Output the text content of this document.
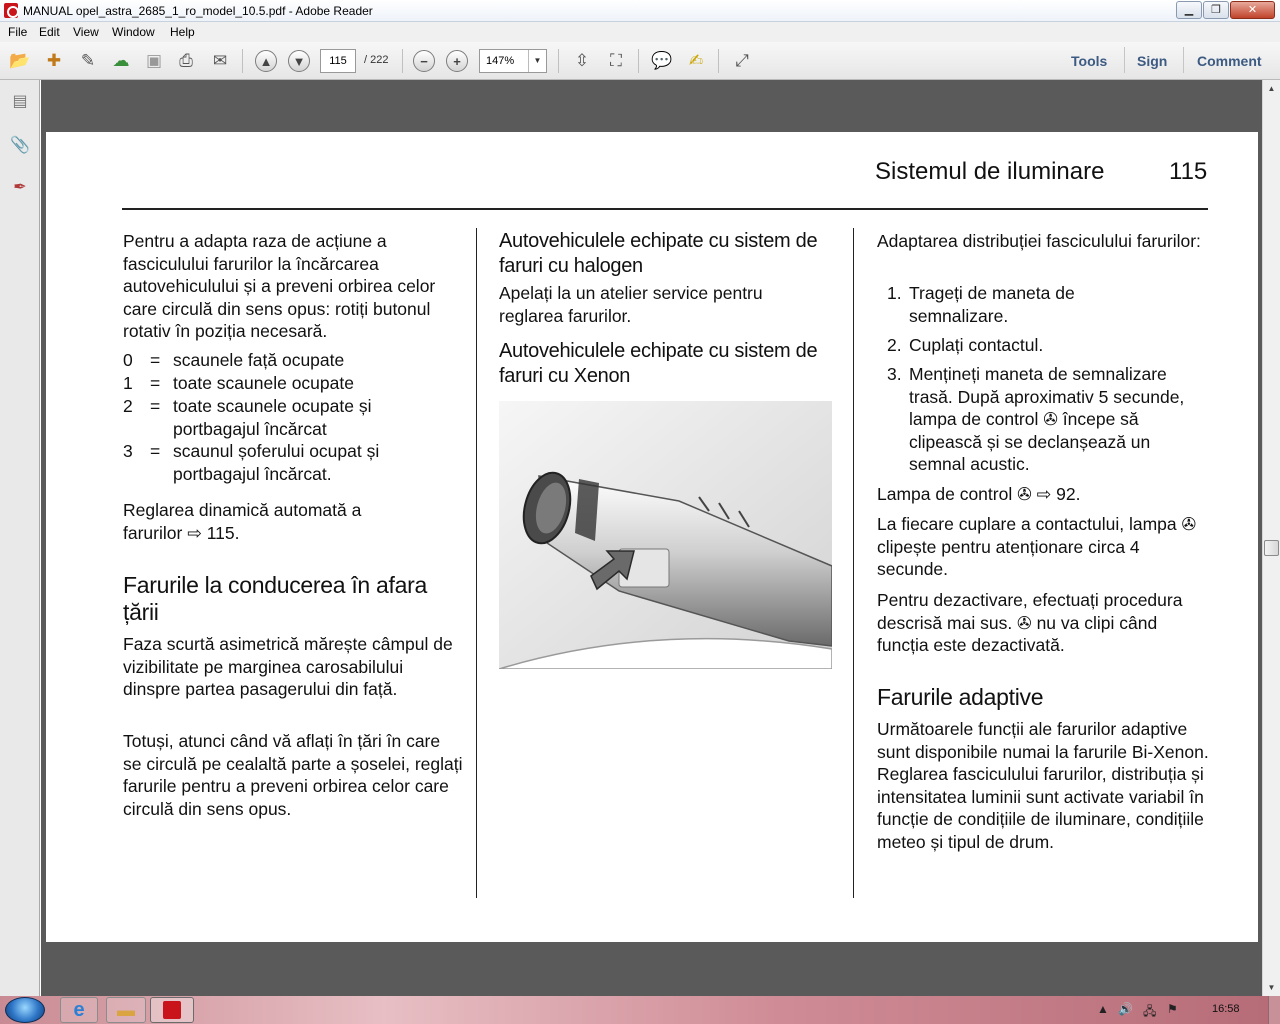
MANUAL opel_astra_2685_1_ro_model_10.5.pdf - Adobe Reader	▁	❐	✕
File Edit View Window Help
📂 ✚ ✎ ☁ ▣	⎙	✉	▲	▼	−	+	⇳	⛶	💬 ✍	⤢
115	/ 222	147%	▼	Tools Sign Comment
▤
📎
✒
Sistemul de iluminare	115
Pentru a adapta raza de acțiune a fasciculului farurilor la încărcarea autovehiculului și a preveni orbirea celor care circulă din sens opus: rotiți butonul rotativ în poziția necesară.
0 = scaunele față ocupate
1 = toate scaunele ocupate
2 = toate scaunele ocupate și portbagajul încărcat
3 = scaunul șoferului ocupat și portbagajul încărcat.
Reglarea dinamică automată a farurilor ⇨ 115.
Farurile la conducerea în afara țării
Faza scurtă asimetrică mărește câmpul de vizibilitate pe marginea carosabilului dinspre partea pasagerului din față.
Totuși, atunci când vă aflați în țări în care se circulă pe cealaltă parte a șoselei, reglați farurile pentru a preveni orbirea celor care circulă din sens opus.
Autovehiculele echipate cu sistem de faruri cu halogen
Apelați la un atelier service pentru reglarea farurilor.
Autovehiculele echipate cu sistem de faruri cu Xenon
Adaptarea distribuției fasciculului farurilor:
1. Trageți de maneta de semnalizare.
2. Cuplați contactul.
3. Mențineți maneta de semnalizare trasă. După aproximativ 5 secunde, lampa de control ✇ începe să clipească și se declanșează un semnal acustic.
Lampa de control ✇ ⇨ 92.
La fiecare cuplare a contactului, lampa ✇ clipește pentru atenționare circa 4 secunde.
Pentru dezactivare, efectuați procedura descrisă mai sus. ✇ nu va clipi când funcția este dezactivată.
Farurile adaptive
Următoarele funcții ale farurilor adaptive sunt disponibile numai la farurile Bi-Xenon. Reglarea fasciculului farurilor, distribuția și intensitatea luminii sunt activate variabil în funcție de condițiile de iluminare, condițiile meteo și tipul de drum.
▲
▼
e	▬	▲ 🔊 🖧 ⚑	16:58
